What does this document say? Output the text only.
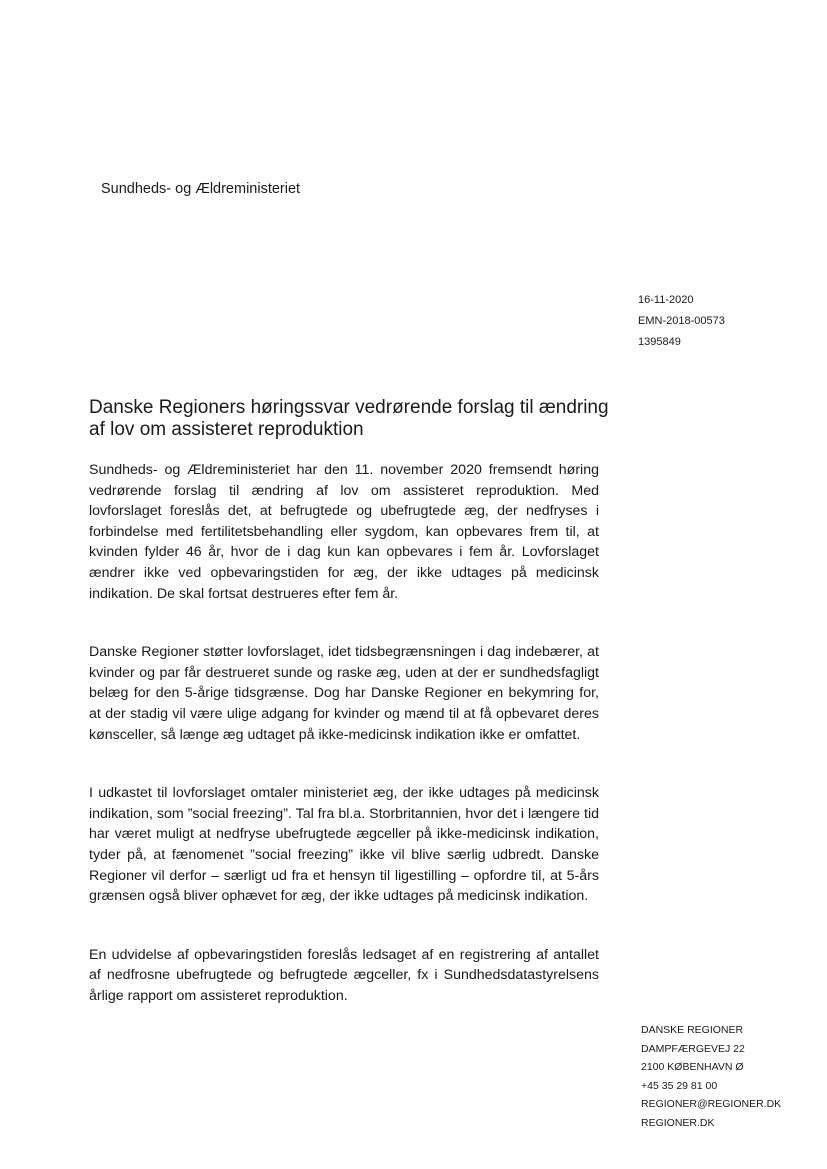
Sundheds- og Ældreministeriet
16-11-2020
EMN-2018-00573
1395849
Danske Regioners høringssvar vedrørende forslag til ændring af lov om assisteret reproduktion

Sundheds- og Ældreministeriet har den 11. november 2020 fremsendt høring vedrørende forslag til ændring af lov om assisteret reproduktion. Med lovforslaget foreslås det, at befrugtede og ubefrugtede æg, der nedfryses i forbindelse med fertilitetsbehandling eller sygdom, kan opbevares frem til, at kvinden fylder 46 år, hvor de i dag kun kan opbevares i fem år. Lovforslaget ændrer ikke ved opbevaringstiden for æg, der ikke udtages på medicinsk indikation. De skal fortsat destrueres efter fem år.

Danske Regioner støtter lovforslaget, idet tidsbegrænsningen i dag indebærer, at kvinder og par får destrueret sunde og raske æg, uden at der er sundhedsfagligt belæg for den 5-årige tidsgrænse. Dog har Danske Regioner en bekymring for, at der stadig vil være ulige adgang for kvinder og mænd til at få opbevaret deres kønsceller, så længe æg udtaget på ikke-medicinsk indikation ikke er omfattet.

I udkastet til lovforslaget omtaler ministeriet æg, der ikke udtages på medicinsk indikation, som ”social freezing”. Tal fra bl.a. Storbritannien, hvor det i længere tid har været muligt at nedfryse ubefrugtede ægceller på ikke-medicinsk indikation, tyder på, at fænomenet ”social freezing” ikke vil blive særlig udbredt. Danske Regioner vil derfor – særligt ud fra et hensyn til ligestilling – opfordre til, at 5-års grænsen også bliver ophævet for æg, der ikke udtages på medicinsk indikation.

En udvidelse af opbevaringstiden foreslås ledsaget af en registrering af antallet af nedfrosne ubefrugtede og befrugtede ægceller, fx i Sundhedsdatastyrelsens årlige rapport om assisteret reproduktion.

DANSKE REGIONER
DAMPFÆRGEVEJ 22
2100 KØBENHAVN Ø
+45 35 29 81 00
REGIONER@REGIONER.DK
REGIONER.DK
